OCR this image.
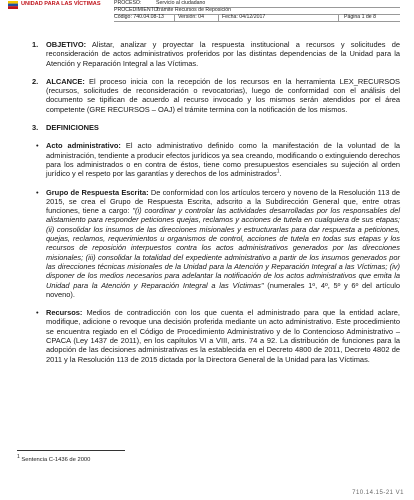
UNIDAD PARA LAS VÍCTIMAS	PROCESO:	Servicio al ciudadano
PROCEDIMIENTO:
Trámite Recursos de Reposición
Código: 740.04.08-13	Versión: 04	Fecha: 04/12/2017	Página 1 de 8
1. OBJETIVO: Alistar, analizar y proyectar la respuesta institucional a recursos y solicitudes de reconsideración de actos administrativos proferidos por las distintas dependencias de la Unidad para la Atención y Reparación Integral a las Víctimas.
2. ALCANCE: El proceso inicia con la recepción de los recursos en la herramienta LEX_RECURSOS (recursos, solicitudes de reconsideración o revocatorias), luego de conformidad con el análisis del documento se tipifican de acuerdo al recurso invocado y los mismos serán atendidos por el área competente (GRE RECURSOS – OAJ) el trámite termina con la notificación de los mismos.
3. DEFINICIONES
• Acto administrativo: El acto administrativo definido como la manifestación de la voluntad de la administración, tendiente a producir efectos jurídicos ya sea creando, modificando o extinguiendo derechos para los administrados o en contra de éstos, tiene como presupuestos esenciales su sujeción al orden jurídico y el respeto por las garantías y derechos de los administrados$^1$.
• Grupo de Respuesta Escrita: De conformidad con los artículos tercero y noveno de la Resolución 113 de 2015, se crea el Grupo de Respuesta Escrita, adscrito a la Subdirección General que, entre otras funciones, tiene a cargo: "(i) coordinar y controlar las actividades desarrolladas por los responsables del alistamiento para responder peticiones quejas, reclamos y acciones de tutela en cualquiera de sus etapas; (ii) consolidar los insumos de las direcciones misionales y estructurarlas para dar respuesta a peticiones, quejas, reclamos, requerimientos u organismos de control, acciones de tutela en todas sus etapas y los recursos de reposición interpuestos contra los actos administrativos generados por las direcciones misionales; (iii) consolidar la totalidad del expediente administrativo a partir de los insumos generados por las direcciones técnicas misionales de la Unidad para la Atención y Reparación Integral a las Víctimas; (iv) disponer de los medios necesarios para adelantar la notificación de los actos administrativos que emita la Unidad para la Atención y Reparación Integral a las Víctimas" (numerales 1º, 4º, 5º y 6º del artículo noveno).
• Recursos: Medios de contradicción con los que cuenta el administrado para que la entidad aclare, modifique, adicione o revoque una decisión proferida mediante un acto administrativo. Este procedimiento se encuentra regiado en el Código de Procedimiento Administrativo y de lo Contencioso Administrativo – CPACA (Ley 1437 de 2011), en los capítulos VI a VIII, arts. 74 a 92. La distribución de funciones para la adopción de las decisiones administrativas es la establecida en el Decreto 4800 de 2011, Decreto 4802 de 2011 y la Resolución 113 de 2015 dictada por la Directora General de la Unidad para las Víctimas.
1 Sentencia C-1436 de 2000
710.14.15-21 V1
